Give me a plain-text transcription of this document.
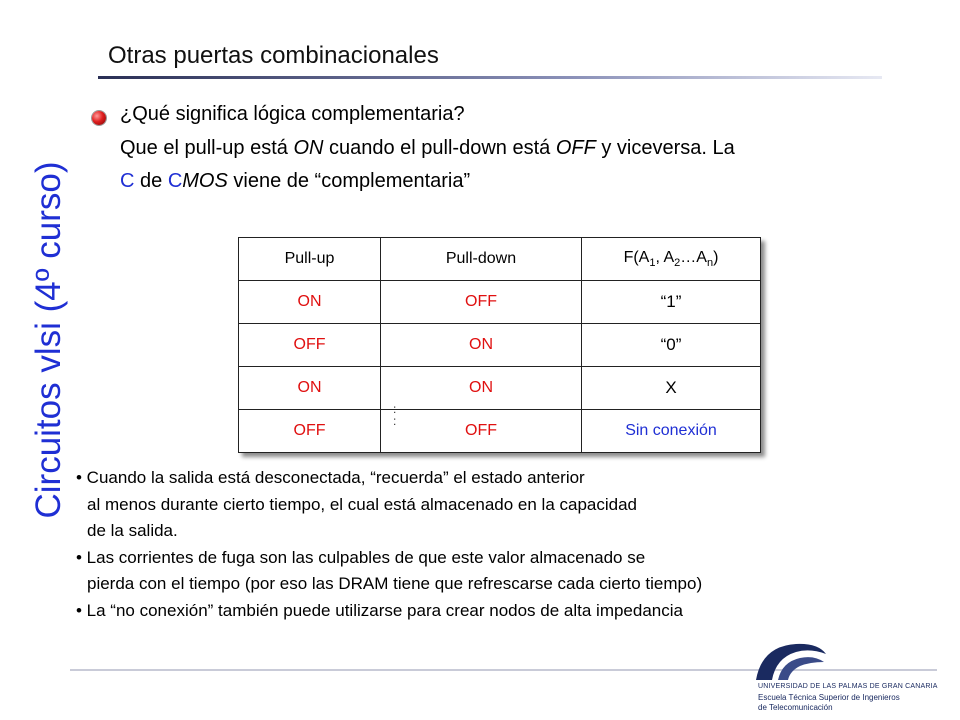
Circuitos vlsi (4º curso)
Otras puertas combinacionales
¿Qué significa lógica complementaria?
Que el pull-up está ON cuando el pull-down está OFF y viceversa. La
C de CMOS viene de “complementaria”
Pull-up	Pull-down	$F(A_1$, $A_2\dots A_n$)
ON	OFF	“1”
OFF	ON	“0”
ON	ON	X
OFF	OFF	Sin conexión
:
:
• Cuando la salida está desconectada, “recuerda” el estado anterior
al menos durante cierto tiempo, el cual está almacenado en la capacidad
de la salida.
• Las corrientes de fuga son las culpables de que este valor almacenado se
pierda con el tiempo (por eso las DRAM tiene que refrescarse cada cierto tiempo)
• La “no conexión” también puede utilizarse para crear nodos de alta impedancia
UNIVERSIDAD DE LAS PALMAS DE GRAN CANARIA
Escuela Técnica Superior de Ingenieros
de Telecomunicación
